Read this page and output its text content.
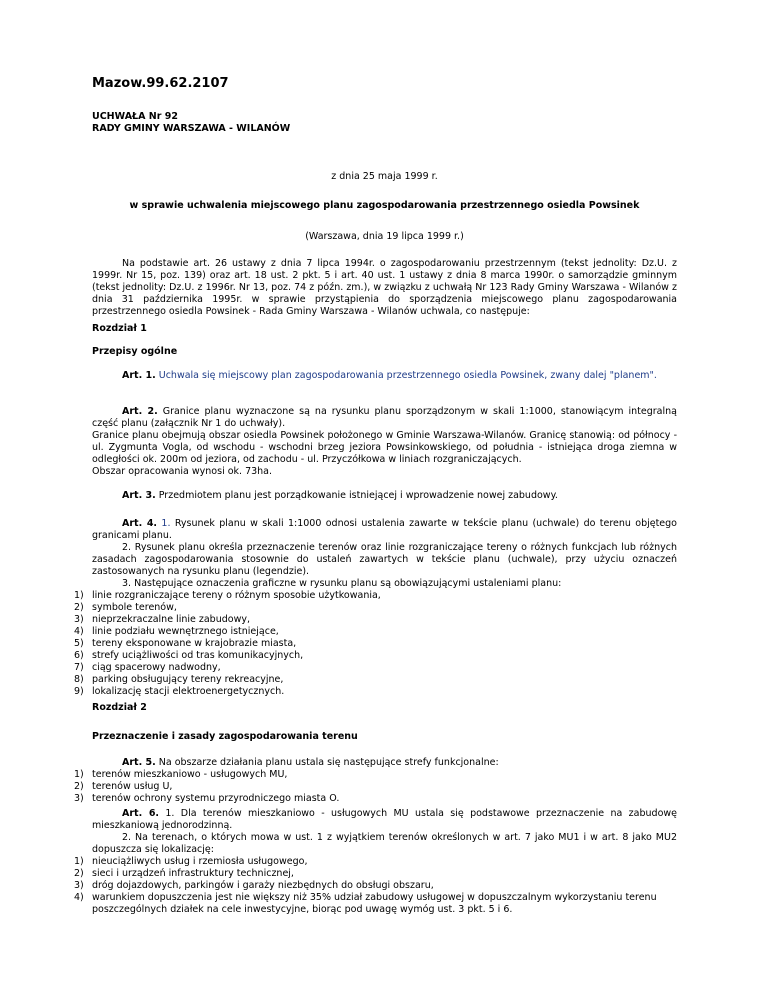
Mazow.99.62.2107
UCHWAŁA Nr 92
RADY GMINY WARSZAWA - WILANÓW
z dnia 25 maja 1999 r.
w sprawie uchwalenia miejscowego planu zagospodarowania przestrzennego osiedla Powsinek
(Warszawa, dnia 19 lipca 1999 r.)
Na podstawie art. 26 ustawy z dnia 7 lipca 1994r. o zagospodarowaniu przestrzennym (tekst jednolity: Dz.U. z 1999r. Nr 15, poz. 139) oraz art. 18 ust. 2 pkt. 5 i art. 40 ust. 1 ustawy z dnia 8 marca 1990r. o samorządzie gminnym (tekst jednolity: Dz.U. z 1996r. Nr 13, poz. 74 z późn. zm.), w związku z uchwałą Nr 123 Rady Gminy Warszawa - Wilanów z dnia 31 października 1995r. w sprawie przystąpienia do sporządzenia miejscowego planu zagospodarowania przestrzennego osiedla Powsinek - Rada Gminy Warszawa - Wilanów uchwala, co następuje:
Rozdział 1
Przepisy ogólne
Art. 1. Uchwala się miejscowy plan zagospodarowania przestrzennego osiedla Powsinek, zwany dalej "planem".
Art. 2. Granice planu wyznaczone są na rysunku planu sporządzonym w skali 1:1000, stanowiącym integralną część planu (załącznik Nr 1 do uchwały).
Granice planu obejmują obszar osiedla Powsinek położonego w Gminie Warszawa-Wilanów. Granicę stanowią: od północy - ul. Zygmunta Vogla, od wschodu - wschodni brzeg jeziora Powsinkowskiego, od południa - istniejąca droga ziemna w odległości ok. 200m od jeziora, od zachodu - ul. Przyczółkowa w liniach rozgraniczających.
Obszar opracowania wynosi ok. 73ha.
Art. 3. Przedmiotem planu jest porządkowanie istniejącej i wprowadzenie nowej zabudowy.
Art. 4. 1. Rysunek planu w skali 1:1000 odnosi ustalenia zawarte w tekście planu (uchwale) do terenu objętego granicami planu.
2. Rysunek planu określa przeznaczenie terenów oraz linie rozgraniczające tereny o różnych funkcjach lub różnych zasadach zagospodarowania stosownie do ustaleń zawartych w tekście planu (uchwale), przy użyciu oznaczeń zastosowanych na rysunku planu (legendzie).
3. Następujące oznaczenia graficzne w rysunku planu są obowiązującymi ustaleniami planu:
1) linie rozgraniczające tereny o różnym sposobie użytkowania,
2) symbole terenów,
3) nieprzekraczalne linie zabudowy,
4) linie podziału wewnętrznego istniejące,
5) tereny eksponowane w krajobrazie miasta,
6) strefy uciążliwości od tras komunikacyjnych,
7) ciąg spacerowy nadwodny,
8) parking obsługujący tereny rekreacyjne,
9) lokalizację stacji elektroenergetycznych.
Rozdział 2
Przeznaczenie i zasady zagospodarowania terenu
Art. 5. Na obszarze działania planu ustala się następujące strefy funkcjonalne:
1) terenów mieszkaniowo - usługowych MU,
2) terenów usług U,
3) terenów ochrony systemu przyrodniczego miasta O.
Art. 6. 1. Dla terenów mieszkaniowo - usługowych MU ustala się podstawowe przeznaczenie na zabudowę mieszkaniową jednorodzinną.
2. Na terenach, o których mowa w ust. 1 z wyjątkiem terenów określonych w art. 7 jako MU1 i w art. 8 jako MU2 dopuszcza się lokalizację:
1) nieuciążliwych usług i rzemiosła usługowego,
2) sieci i urządzeń infrastruktury technicznej,
3) dróg dojazdowych, parkingów i garaży niezbędnych do obsługi obszaru,
4) warunkiem dopuszczenia jest nie większy niż 35% udział zabudowy usługowej w dopuszczalnym wykorzystaniu terenu poszczególnych działek na cele inwestycyjne, biorąc pod uwagę wymóg ust. 3 pkt. 5 i 6.
